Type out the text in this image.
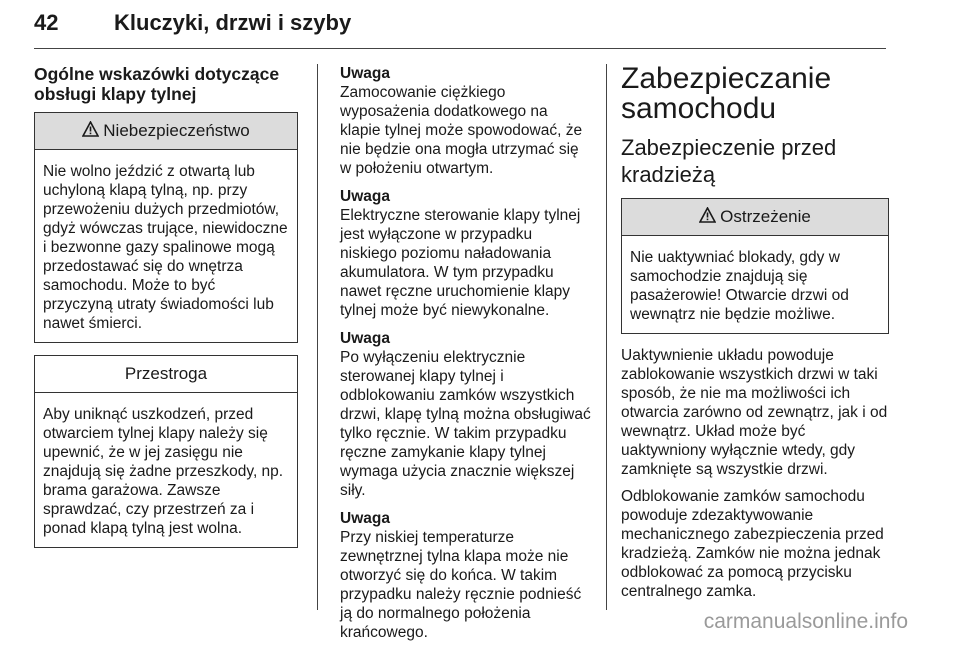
42	Kluczyki, drzwi i szyby
Ogólne wskazówki dotyczące obsługi klapy tylnej
Niebezpieczeństwo
Nie wolno jeździć z otwartą lub uchyloną klapą tylną, np. przy przewożeniu dużych przedmiotów, gdyż wówczas trujące, niewidoczne i bezwonne gazy spalinowe mogą przedostawać się do wnętrza samochodu. Może to być przyczyną utraty świadomości lub nawet śmierci.
Przestroga
Aby uniknąć uszkodzeń, przed otwarciem tylnej klapy należy się upewnić, że w jej zasięgu nie znajdują się żadne przeszkody, np. brama garażowa. Zawsze sprawdzać, czy przestrzeń za i ponad klapą tylną jest wolna.
Uwaga
Zamocowanie ciężkiego wyposażenia dodatkowego na klapie tylnej może spowodować, że nie będzie ona mogła utrzymać się w położeniu otwartym.
Uwaga
Elektryczne sterowanie klapy tylnej jest wyłączone w przypadku niskiego poziomu naładowania akumulatora. W tym przypadku nawet ręczne uruchomienie klapy tylnej może być niewykonalne.
Uwaga
Po wyłączeniu elektrycznie sterowanej klapy tylnej i odblokowaniu zamków wszystkich drzwi, klapę tylną można obsługiwać tylko ręcznie. W takim przypadku ręczne zamykanie klapy tylnej wymaga użycia znacznie większej siły.
Uwaga
Przy niskiej temperaturze zewnętrznej tylna klapa może nie otworzyć się do końca. W takim przypadku należy ręcznie podnieść ją do normalnego położenia krańcowego.
Zabezpieczanie samochodu
Zabezpieczenie przed kradzieżą
Ostrzeżenie
Nie uaktywniać blokady, gdy w samochodzie znajdują się pasażerowie! Otwarcie drzwi od wewnątrz nie będzie możliwe.
Uaktywnienie układu powoduje zablokowanie wszystkich drzwi w taki sposób, że nie ma możliwości ich otwarcia zarówno od zewnątrz, jak i od wewnątrz. Układ może być uaktywniony wyłącznie wtedy, gdy zamknięte są wszystkie drzwi.
Odblokowanie zamków samochodu powoduje zdezaktywowanie mechanicznego zabezpieczenia przed kradzieżą. Zamków nie można jednak odblokować za pomocą przycisku centralnego zamka.
carmanualsonline.info
